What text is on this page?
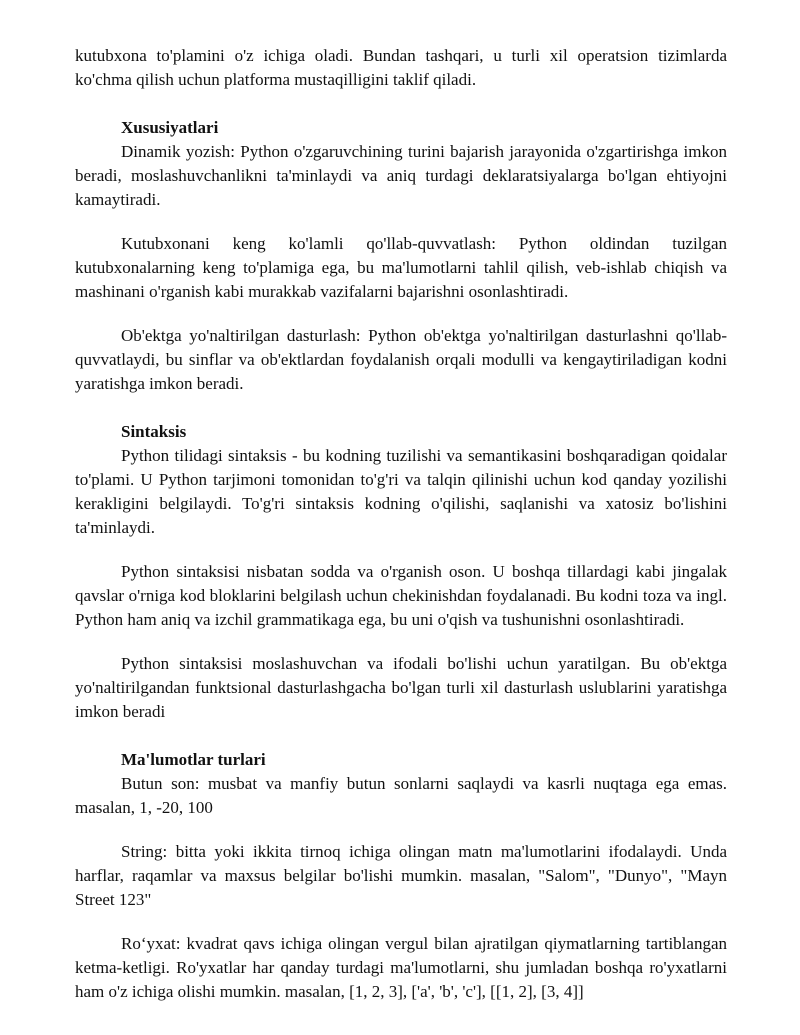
kutubxona to'plamini o'z ichiga oladi. Bundan tashqari, u turli xil operatsion tizimlarda ko'chma qilish uchun platforma mustaqilligini taklif qiladi.

Xususiyatlari

Dinamik yozish: Python o'zgaruvchining turini bajarish jarayonida o'zgartirishga imkon beradi, moslashuvchanlikni ta'minlaydi va aniq turdagi deklaratsiyalarga bo'lgan ehtiyojni kamaytiradi.

Kutubxonani keng ko'lamli qo'llab-quvvatlash: Python oldindan tuzilgan kutubxonalarning keng to'plamiga ega, bu ma'lumotlarni tahlil qilish, veb-ishlab chiqish va mashinani o'rganish kabi murakkab vazifalarni bajarishni osonlashtiradi.

Ob'ektga yo'naltirilgan dasturlash: Python ob'ektga yo'naltirilgan dasturlashni qo'llab-quvvatlaydi, bu sinflar va ob'ektlardan foydalanish orqali modulli va kengaytiriladigan kodni yaratishga imkon beradi.

Sintaksis

Python tilidagi sintaksis - bu kodning tuzilishi va semantikasini boshqaradigan qoidalar to'plami. U Python tarjimoni tomonidan to'g'ri va talqin qilinishi uchun kod qanday yozilishi kerakligini belgilaydi. To'g'ri sintaksis kodning o'qilishi, saqlanishi va xatosiz bo'lishini ta'minlaydi.

Python sintaksisi nisbatan sodda va o'rganish oson. U boshqa tillardagi kabi jingalak qavslar o'rniga kod bloklarini belgilash uchun chekinishdan foydalanadi. Bu kodni toza va ingl. Python ham aniq va izchil grammatikaga ega, bu uni o'qish va tushunishni osonlashtiradi.

Python sintaksisi moslashuvchan va ifodali bo'lishi uchun yaratilgan. Bu ob'ektga yo'naltirilgandan funktsional dasturlashgacha bo'lgan turli xil dasturlash uslublarini yaratishga imkon beradi

Ma'lumotlar turlari

Butun son: musbat va manfiy butun sonlarni saqlaydi va kasrli nuqtaga ega emas. masalan, 1, -20, 100

String: bitta yoki ikkita tirnoq ichiga olingan matn ma'lumotlarini ifodalaydi. Unda harflar, raqamlar va maxsus belgilar bo'lishi mumkin. masalan, "Salom", "Dunyo", "Mayn Street 123"

Ro‘yxat: kvadrat qavs ichiga olingan vergul bilan ajratilgan qiymatlarning tartiblangan ketma-ketligi. Ro'yxatlar har qanday turdagi ma'lumotlarni, shu jumladan boshqa ro'yxatlarni ham o'z ichiga olishi mumkin. masalan, [1, 2, 3], ['a', 'b', 'c'], [[1, 2], [3, 4]]
